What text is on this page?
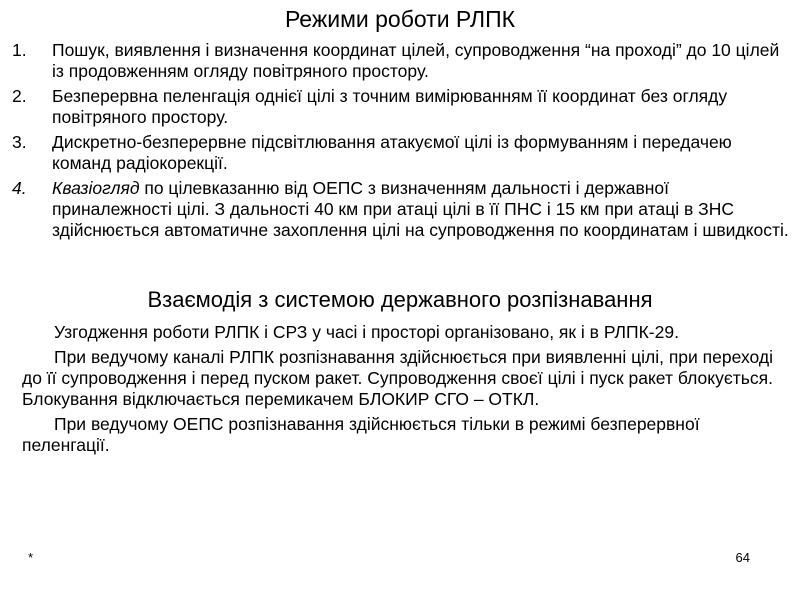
Режими роботи РЛПК
1. Пошук, виявлення і визначення координат цілей, супроводження “на проході” до 10 цілей із продовженням огляду повітряного простору.
2. Безперервна пеленгація однієї цілі з точним вимірюванням її координат без огляду повітряного простору.
3. Дискретно-безперервне підсвітлювання атакуємої цілі із формуванням і передачею команд радіокорекції.
4. Квазіогляд по цілевказанню від ОЕПС з визначенням дальності і державної приналежності цілі. З дальності 40 км при атаці цілі в її ПНС і 15 км при атаці в ЗНС здійснюється автоматичне захоплення цілі на супроводження по координатам і швидкості.
Взаємодія з системою державного розпізнавання

Узгодження роботи РЛПК і СРЗ у часі і просторі організовано, як і в РЛПК-29.

При ведучому каналі РЛПК розпізнавання здійснюється при виявленні цілі, при переході до її супроводження і перед пуском ракет. Супроводження своєї цілі і пуск ракет блокується. Блокування відключається перемикачем БЛОКИР СГО – ОТКЛ.

При ведучому ОЕПС розпізнавання здійснюється тільки в режимі безперервної пеленгації.

*	64
